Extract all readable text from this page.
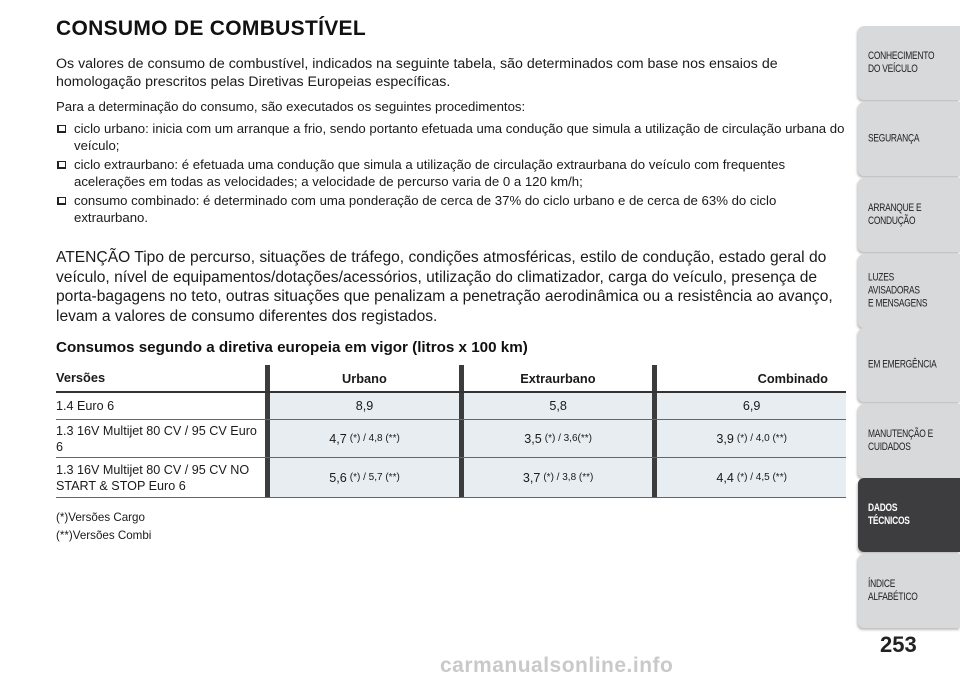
CONSUMO DE COMBUSTÍVEL

Os valores de consumo de combustível, indicados na seguinte tabela, são determinados com base nos ensaios de homologação prescritos pelas Diretivas Europeias específicas.

Para a determinação do consumo, são executados os seguintes procedimentos:

ciclo urbano: inicia com um arranque a frio, sendo portanto efetuada uma condução que simula a utilização de circulação urbana do veículo;
ciclo extraurbano: é efetuada uma condução que simula a utilização de circulação extraurbana do veículo com frequentes acelerações em todas as velocidades; a velocidade de percurso varia de 0 a 120 km/h;
consumo combinado: é determinado com uma ponderação de cerca de 37% do ciclo urbano e de cerca de 63% do ciclo extraurbano.

ATENÇÃO Tipo de percurso, situações de tráfego, condições atmosféricas, estilo de condução, estado geral do veículo, nível de equipamentos/dotações/acessórios, utilização do climatizador, carga do veículo, presença de porta-bagagens no teto, outras situações que penalizam a penetração aerodinâmica ou a resistência ao avanço, levam a valores de consumo diferentes dos registados.

Consumos segundo a diretiva europeia em vigor (litros x 100 km)
Versões	Urbano	Extraurbano	Combinado
1.4 Euro 6	8,9	5,8	6,9
1.3 16V Multijet 80 CV / 95 CV Euro 6
4,7 (*) / 4,8 (**)	3,5 (*) / 3,6(**)	3,9 (*) / 4,0 (**)
1.3 16V Multijet 80 CV / 95 CV NO START & STOP Euro 6
5,6 (*) / 5,7 (**)	3,7 (*) / 3,8 (**)	4,4 (*) / 4,5 (**)
(*)Versões Cargo
(**)Versões Combi
CONHECIMENTO
DO VEÍCULO
SEGURANÇA
ARRANQUE E
CONDUÇÃO
LUZES AVISADORAS
E MENSAGENS
EM EMERGÊNCIA
MANUTENÇÃO E
CUIDADOS
DADOS TÉCNICOS
ÍNDICE ALFABÉTICO
253
carmanualsonline.info
